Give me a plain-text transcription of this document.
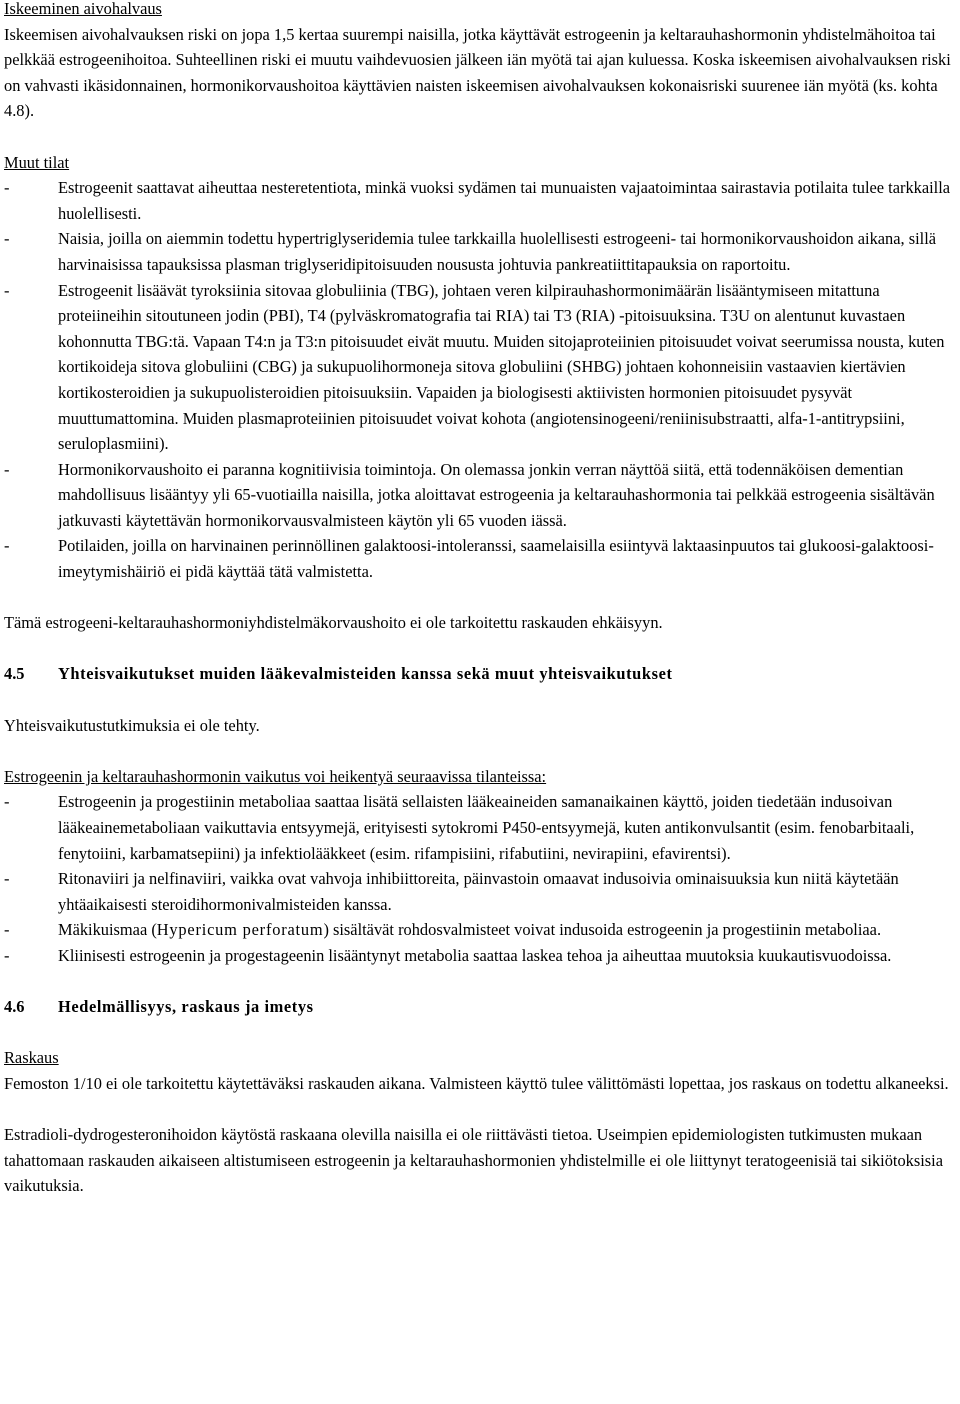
Iskeeminen aivohalvaus

Iskeemisen aivohalvauksen riski on jopa 1,5 kertaa suurempi naisilla, jotka käyttävät estrogeenin ja keltarauhashormonin yhdistelmähoitoa tai pelkkää estrogeenihoitoa. Suhteellinen riski ei muutu vaihdevuosien jälkeen iän myötä tai ajan kuluessa. Koska iskeemisen aivohalvauksen riski on vahvasti ikäsidonnainen, hormonikorvaushoitoa käyttävien naisten iskeemisen aivohalvauksen kokonaisriski suurenee iän myötä (ks. kohta 4.8).

Muut tilat

-	Estrogeenit saattavat aiheuttaa nesteretentiota, minkä vuoksi sydämen tai munuaisten vajaatoimintaa sairastavia potilaita tulee tarkkailla huolellisesti.
-	Naisia, joilla on aiemmin todettu hypertriglyseridemia tulee tarkkailla huolellisesti estrogeeni- tai hormonikorvaushoidon aikana, sillä harvinaisissa tapauksissa plasman triglyseridipitoisuuden noususta johtuvia pankreatiittitapauksia on raportoitu.
-	Estrogeenit lisäävät tyroksiinia sitovaa globuliinia (TBG), johtaen veren kilpirauhashormonimäärän lisääntymiseen mitattuna proteiineihin sitoutuneen jodin (PBI), T4 (pylväskromatografia tai RIA) tai T3 (RIA) -pitoisuuksina. T3U on alentunut kuvastaen kohonnutta TBG:tä. Vapaan T4:n ja T3:n pitoisuudet eivät muutu. Muiden sitojaproteiinien pitoisuudet voivat seerumissa nousta, kuten kortikoideja sitova globuliini (CBG) ja sukupuolihormoneja sitova globuliini (SHBG) johtaen kohonneisiin vastaavien kiertävien kortikosteroidien ja sukupuolisteroidien pitoisuuksiin. Vapaiden ja biologisesti aktiivisten hormonien pitoisuudet pysyvät muuttumattomina. Muiden plasmaproteiinien pitoisuudet voivat kohota (angiotensinogeeni/reniinisubstraatti, alfa-1-antitrypsiini, seruloplasmiini).
-	Hormonikorvaushoito ei paranna kognitiivisia toimintoja. On olemassa jonkin verran näyttöä siitä, että todennäköisen dementian mahdollisuus lisääntyy yli 65-vuotiailla naisilla, jotka aloittavat estrogeenia ja keltarauhashormonia tai pelkkää estrogeenia sisältävän jatkuvasti käytettävän hormonikorvausvalmisteen käytön yli 65 vuoden iässä.
-	Potilaiden, joilla on harvinainen perinnöllinen galaktoosi-intoleranssi, saamelaisilla esiintyvä laktaasinpuutos tai glukoosi-galaktoosi-imeytymishäiriö ei pidä käyttää tätä valmistetta.

Tämä estrogeeni-keltarauhashormoniyhdistelmäkorvaushoito ei ole tarkoitettu raskauden ehkäisyyn.

4.5 Yhteisvaikutukset muiden lääkevalmisteiden kanssa sekä muut yhteisvaikutukset

Yhteisvaikutustutkimuksia ei ole tehty.

Estrogeenin ja keltarauhashormonin vaikutus voi heikentyä seuraavissa tilanteissa:

-	Estrogeenin ja progestiinin metaboliaa saattaa lisätä sellaisten lääkeaineiden samanaikainen käyttö, joiden tiedetään indusoivan lääkeainemetaboliaan vaikuttavia entsyymejä, erityisesti sytokromi P450-entsyymejä, kuten antikonvulsantit (esim. fenobarbitaali, fenytoiini, karbamatsepiini) ja infektiolääkkeet (esim. rifampisiini, rifabutiini, nevirapiini, efavirentsi).
-	Ritonaviiri ja nelfinaviiri, vaikka ovat vahvoja inhibiittoreita, päinvastoin omaavat indusoivia ominaisuuksia kun niitä käytetään yhtäaikaisesti steroidihormonivalmisteiden kanssa.
-	Mäkikuismaa (Hypericum perforatum) sisältävät rohdosvalmisteet voivat indusoida estrogeenin ja progestiinin metaboliaa.
-	Kliinisesti estrogeenin ja progestageenin lisääntynyt metabolia saattaa laskea tehoa ja aiheuttaa muutoksia kuukautisvuodoissa.
4.6 Hedelmällisyys, raskaus ja imetys

Raskaus

Femoston 1/10 ei ole tarkoitettu käytettäväksi raskauden aikana. Valmisteen käyttö tulee välittömästi lopettaa, jos raskaus on todettu alkaneeksi.

Estradioli-dydrogesteronihoidon käytöstä raskaana olevilla naisilla ei ole riittävästi tietoa. Useimpien epidemiologisten tutkimusten mukaan tahattomaan raskauden aikaiseen altistumiseen estrogeenin ja keltarauhashormonien yhdistelmille ei ole liittynyt teratogeenisiä tai sikiötoksisia vaikutuksia.
